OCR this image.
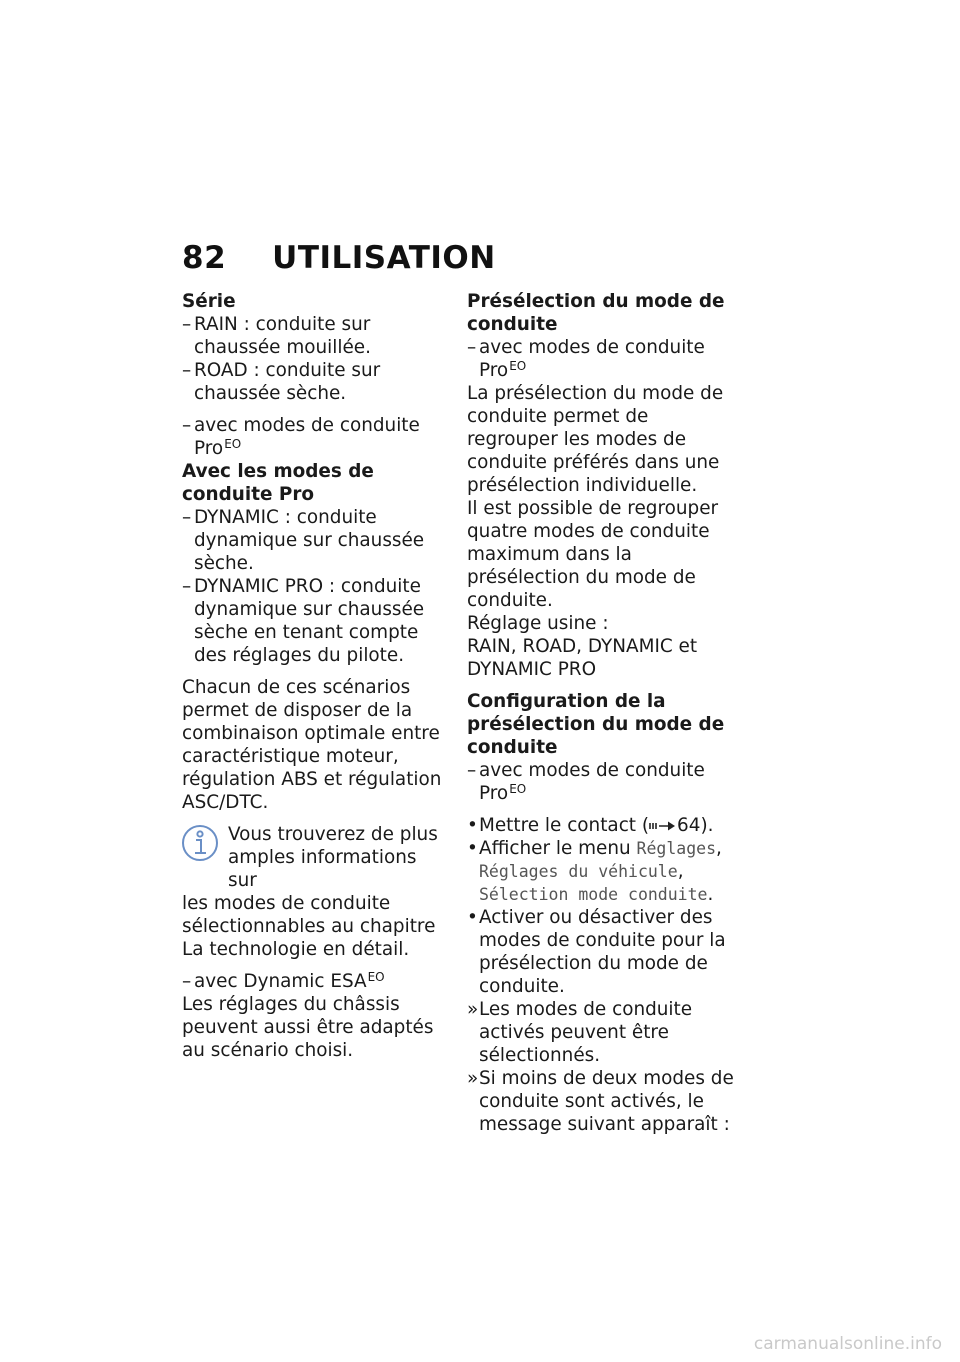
82 UTILISATION

Série

– RAIN : conduite sur chaussée mouillée.

– ROAD : conduite sur chaussée sèche.

– avec modes de conduite Pro$^{EO}$

Avec les modes de conduite Pro

– DYNAMIC : conduite dynamique sur chaussée sèche.

– DYNAMIC PRO : conduite dynamique sur chaussée sèche en tenant compte des réglages du pilote.

Chacun de ces scénarios permet de disposer de la combinaison optimale entre caractéristique moteur, régulation ABS et régulation ASC/DTC.

Vous trouverez de plus amples informations sur
les modes de conduite sélectionnables au chapitre La technologie en détail.

– avec Dynamic $ESA^{EO}$

Les réglages du châssis peuvent aussi être adaptés au scénario choisi.

Présélection du mode de conduite

– avec modes de conduite Pro$^{EO}$

La présélection du mode de conduite permet de regrouper les modes de conduite préférés dans une présélection individuelle.

Il est possible de regrouper quatre modes de conduite maximum dans la présélection du mode de conduite.

Réglage usine :

RAIN, ROAD, DYNAMIC et DYNAMIC PRO

Configuration de la présélection du mode de conduite

– avec modes de conduite Pro$^{EO}$

• Mettre le contact ( 64).

• Afficher le menu Réglages, Réglages du véhicule, Sélection mode conduite.

• Activer ou désactiver des modes de conduite pour la présélection du mode de conduite.

» Les modes de conduite activés peuvent être sélectionnés.

» Si moins de deux modes de conduite sont activés, le message suivant apparaît :

carmanualsonline.info
